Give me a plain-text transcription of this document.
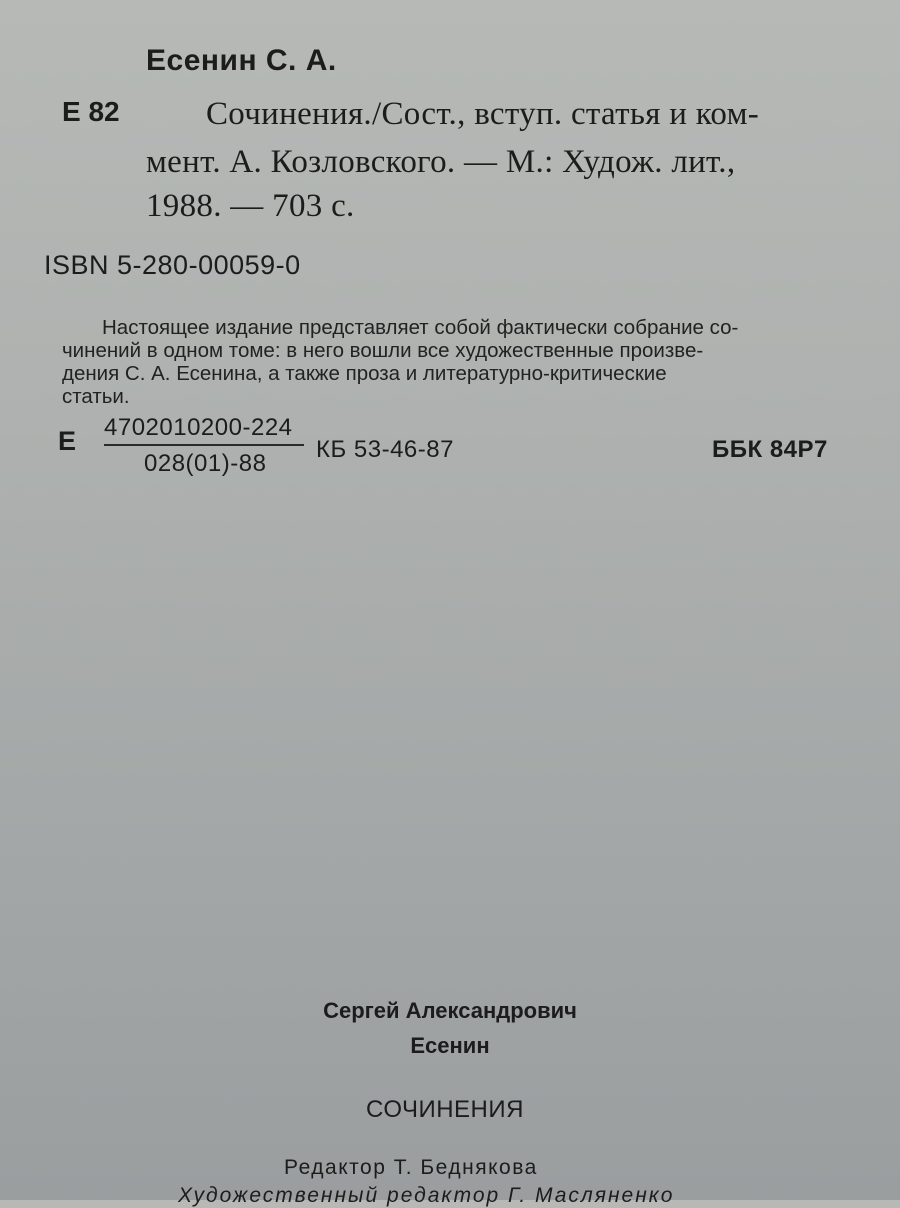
Есенин С. А.
Е 82	Сочинения./Сост., вступ. статья и ком-
мент. А. Козловского. — М.: Худож. лит.,
1988. — 703 с.
ISBN 5-280-00059-0
Настоящее издание представляет собой фактически собрание со-
чинений в одном томе: в него вошли все художественные произве-
дения С. А. Есенина, а также проза и литературно-критические
статьи.
Е 4702010200-224
028(01)-88
КБ 53-46-87	ББК 84Р7
Сергей Александрович
Есенин
СОЧИНЕНИЯ
Редактор Т. Беднякова
Художественный редактор Г. Масляненко
